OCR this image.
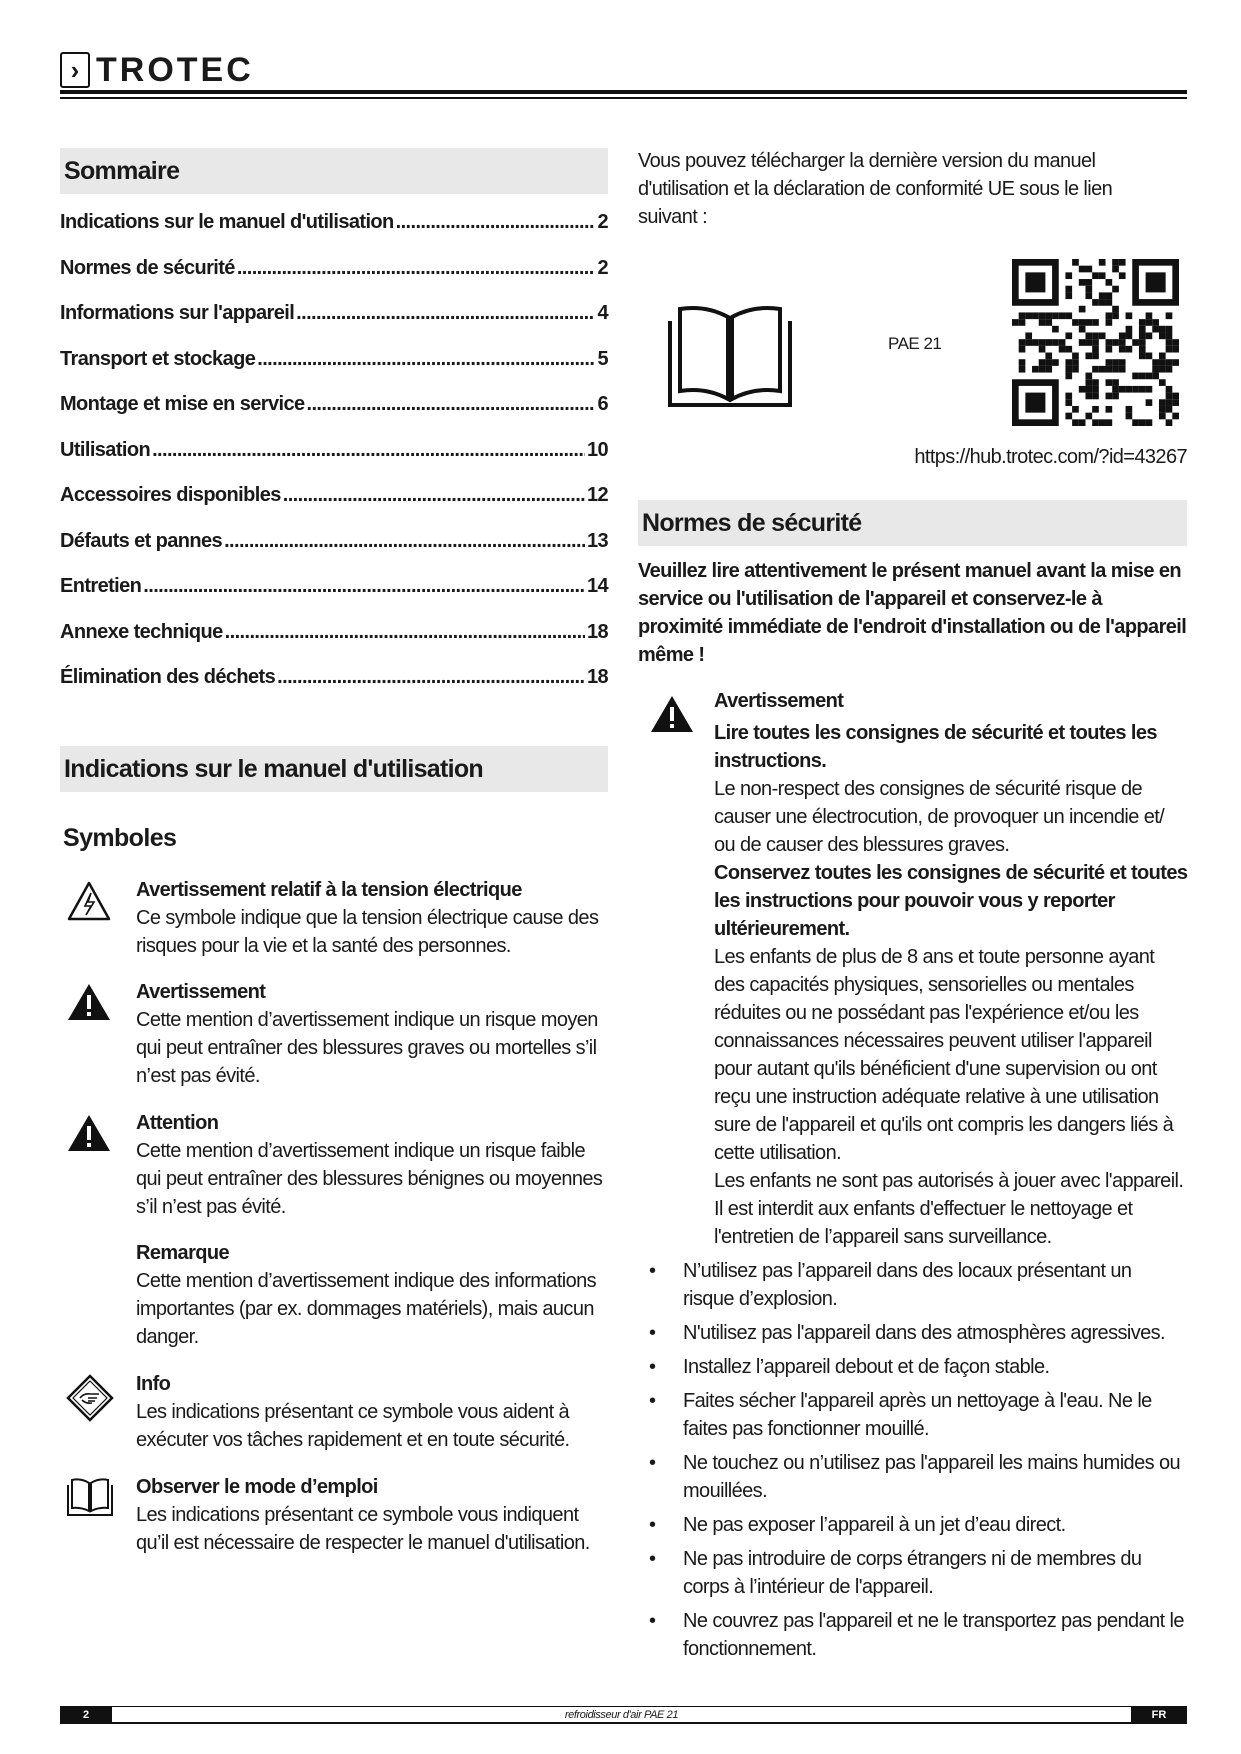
› TROTEC
Sommaire
Indications sur le manuel d'utilisation .....	2
Normes de sécurité .....	2
Informations sur l'appareil .....	4
Transport et stockage .....	5
Montage et mise en service .....	6
Utilisation .....	10
Accessoires disponibles .....	12
Défauts et pannes .....	13
Entretien .....	14
Annexe technique .....	18
Élimination des déchets .....	18
Indications sur le manuel d'utilisation
Symboles
Vous pouvez télécharger la dernière version du manuel d'utilisation et la déclaration de conformité UE sous le lien suivant :
PAE 21
https://hub.trotec.com/?id=43267
Normes de sécurité
Veuillez lire attentivement le présent manuel avant la mise en service ou l'utilisation de l'appareil et conservez-le à proximité immédiate de l'endroit d'installation ou de l'appareil même !
Avertissement
Lire toutes les consignes de sécurité et toutes les instructions.
Le non-respect des consignes de sécurité risque de causer une électrocution, de provoquer un incendie et/ ou de causer des blessures graves.
Conservez toutes les consignes de sécurité et toutes les instructions pour pouvoir vous y reporter ultérieurement.
Les enfants de plus de 8 ans et toute personne ayant des capacités physiques, sensorielles ou mentales réduites ou ne possédant pas l'expérience et/ou les connaissances nécessaires peuvent utiliser l'appareil pour autant qu'ils bénéficient d'une supervision ou ont reçu une instruction adéquate relative à une utilisation sure de l'appareil et qu'ils ont compris les dangers liés à cette utilisation.
Les enfants ne sont pas autorisés à jouer avec l'appareil. Il est interdit aux enfants d'effectuer le nettoyage et l'entretien de l’appareil sans surveillance.
• N’utilisez pas l’appareil dans des locaux présentant un risque d’explosion.
• N'utilisez pas l'appareil dans des atmosphères agressives.
• Installez l’appareil debout et de façon stable.
• Faites sécher l'appareil après un nettoyage à l'eau. Ne le faites pas fonctionner mouillé.
• Ne touchez ou n’utilisez pas l'appareil les mains humides ou mouillées.
• Ne pas exposer l’appareil à un jet d’eau direct.
• Ne pas introduire de corps étrangers ni de membres du corps à l’intérieur de l'appareil.
• Ne couvrez pas l'appareil et ne le transportez pas pendant le fonctionnement.
2	refroidisseur d'air PAE 21	FR
Avertissement relatif à la tension électrique
Ce symbole indique que la tension électrique cause des risques pour la vie et la santé des personnes.
Avertissement
Cette mention d’avertissement indique un risque moyen qui peut entraîner des blessures graves ou mortelles s’il n’est pas évité.
Attention
Cette mention d’avertissement indique un risque faible qui peut entraîner des blessures bénignes ou moyennes s’il n’est pas évité.
Remarque
Cette mention d’avertissement indique des informations importantes (par ex. dommages matériels), mais aucun danger.
Info
Les indications présentant ce symbole vous aident à exécuter vos tâches rapidement et en toute sécurité.
Observer le mode d’emploi
Les indications présentant ce symbole vous indiquent qu’il est nécessaire de respecter le manuel d'utilisation.
